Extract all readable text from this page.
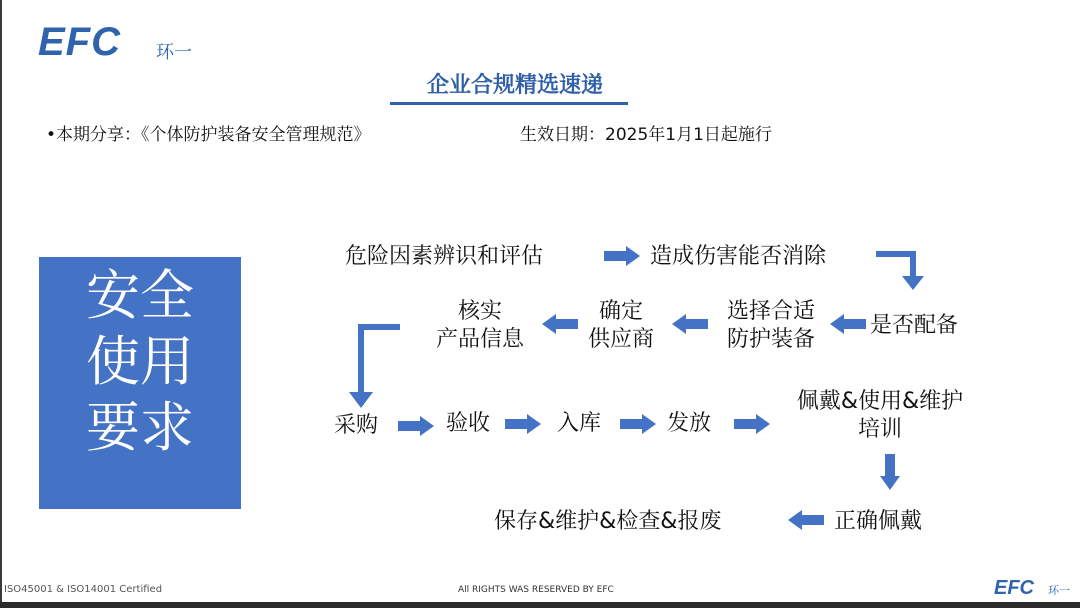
EFC 环一
企业合规精选速递
•本期分享：《个体防护装备安全管理规范》	生效日期：2025年1月1日起施行
安全
使用
要求
危险因素辨识和评估	造成伤害能否消除
是否配备
选择合适
防护装备
确定
供应商
核实
产品信息
采购	验收	入库	发放
佩戴&使用&维护
培训
正确佩戴
保存&维护&检查&报废
ISO45001 & ISO14001 Certified	All RIGHTS WAS RESERVED BY EFC	EFC 环一
